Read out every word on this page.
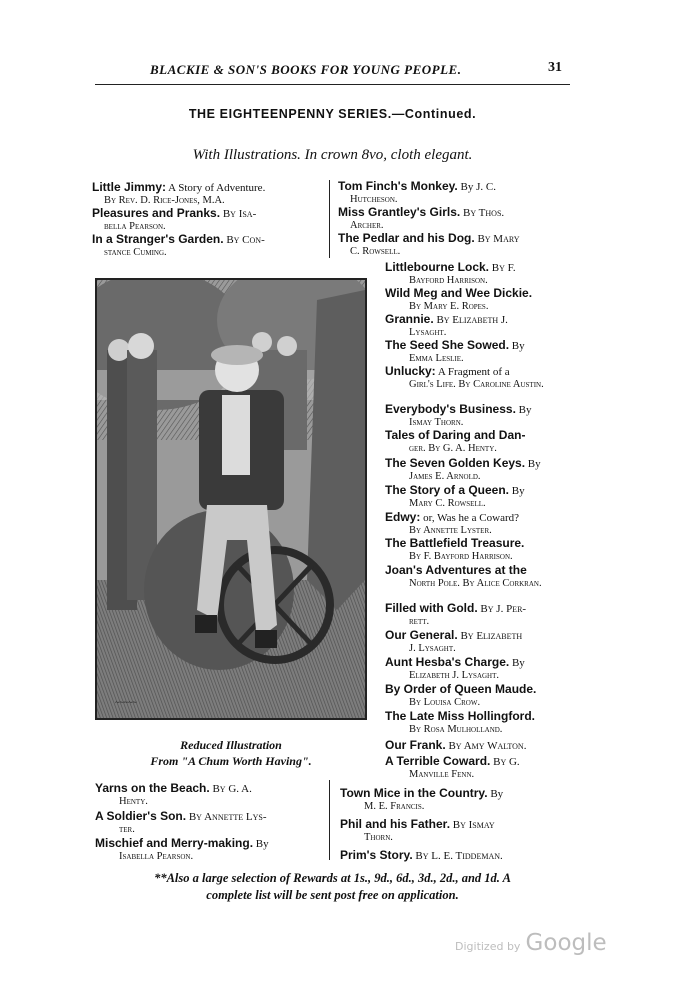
BLACKIE & SON'S BOOKS FOR YOUNG PEOPLE.	31
THE EIGHTEENPENNY SERIES.—Continued.
With Illustrations. In crown 8vo, cloth elegant.
Little Jimmy: A Story of Adventure.
By Rev. D. Rice-Jones, M.A.
Pleasures and Pranks. By Isa-
bella Pearson.
In a Stranger's Garden. By Con-
stance Cuming.
Tom Finch's Monkey. By J. C.
Hutcheson.
Miss Grantley's Girls. By Thos.
Archer.
The Pedlar and his Dog. By Mary
C. Rowsell.
~~~~~
Reduced Illustration
From "A Chum Worth Having".
Littlebourne Lock. By F.
Bayford Harrison.
Wild Meg and Wee Dickie.
By Mary E. Ropes.
Grannie. By Elizabeth J.
Lysaght.
The Seed She Sowed. By
Emma Leslie.
Unlucky: A Fragment of a
Girl's Life. By Caroline Austin.
Everybody's Business. By
Ismay Thorn.
Tales of Daring and Dan-
ger. By G. A. Henty.
The Seven Golden Keys. By
James E. Arnold.
The Story of a Queen. By
Mary C. Rowsell.
Edwy: or, Was he a Coward?
By Annette Lyster.
The Battlefield Treasure.
By F. Bayford Harrison.
Joan's Adventures at the
North Pole. By Alice Corkran.
Filled with Gold. By J. Per-
rett.
Our General. By Elizabeth
J. Lysaght.
Aunt Hesba's Charge. By
Elizabeth J. Lysaght.
By Order of Queen Maude.
By Louisa Crow.
The Late Miss Hollingford.
By Rosa Mulholland.
Our Frank. By Amy Walton.
A Terrible Coward. By G.
Manville Fenn.
Yarns on the Beach. By G. A.
Henty.
A Soldier's Son. By Annette Lys-
ter.
Mischief and Merry-making. By
Isabella Pearson.
Town Mice in the Country. By
M. E. Francis.
Phil and his Father. By Ismay
Thorn.
Prim's Story. By L. E. Tiddeman.
**Also a large selection of Rewards at 1s., 9d., 6d., 3d., 2d., and 1d. A
complete list will be sent post free on application.
Digitized by Google
